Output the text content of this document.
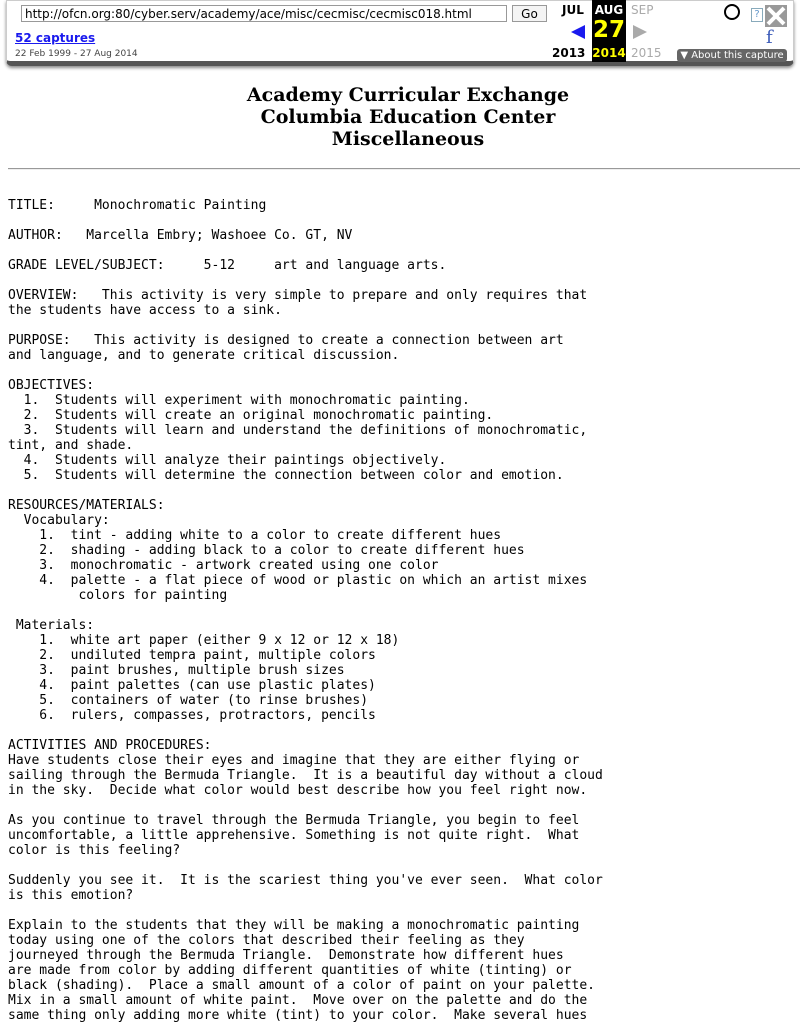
http://ofcn.org:80/cyber.serv/academy/ace/misc/cecmisc/cecmisc018.html
Go
52 captures
22 Feb 1999 - 27 Aug 2014
JUL AUG SEP
27
2013 2014 2015
?
f
▼ About this capture
Academy Curricular Exchange
Columbia Education Center
Miscellaneous
TITLE:     Monochromatic Painting

AUTHOR:   Marcella Embry; Washoee Co. GT, NV

GRADE LEVEL/SUBJECT:     5-12     art and language arts.

OVERVIEW:   This activity is very simple to prepare and only requires that
the students have access to a sink.

PURPOSE:   This activity is designed to create a connection between art
and language, and to generate critical discussion.

OBJECTIVES:
1.  Students will experiment with monochromatic painting.
2.  Students will create an original monochromatic painting.
3.  Students will learn and understand the definitions of monochromatic,
tint, and shade.
4.  Students will analyze their paintings objectively.
5.  Students will determine the connection between color and emotion.

RESOURCES/MATERIALS:
Vocabulary:
1.  tint - adding white to a color to create different hues
2.  shading - adding black to a color to create different hues
3.  monochromatic - artwork created using one color
4.  palette - a flat piece of wood or plastic on which an artist mixes
colors for painting

Materials:
1.  white art paper (either 9 x 12 or 12 x 18)
2.  undiluted tempra paint, multiple colors
3.  paint brushes, multiple brush sizes
4.  paint palettes (can use plastic plates)
5.  containers of water (to rinse brushes)
6.  rulers, compasses, protractors, pencils

ACTIVITIES AND PROCEDURES:
Have students close their eyes and imagine that they are either flying or
sailing through the Bermuda Triangle.  It is a beautiful day without a cloud
in the sky.  Decide what color would best describe how you feel right now.

As you continue to travel through the Bermuda Triangle, you begin to feel
uncomfortable, a little apprehensive. Something is not quite right.  What
color is this feeling?

Suddenly you see it.  It is the scariest thing you've ever seen.  What color
is this emotion?

Explain to the students that they will be making a monochromatic painting
today using one of the colors that described their feeling as they
journeyed through the Bermuda Triangle.  Demonstrate how different hues
are made from color by adding different quantities of white (tinting) or
black (shading).  Place a small amount of a color of paint on your palette.
Mix in a small amount of white paint.  Move over on the palette and do the
same thing only adding more white (tint) to your color.  Make several hues
